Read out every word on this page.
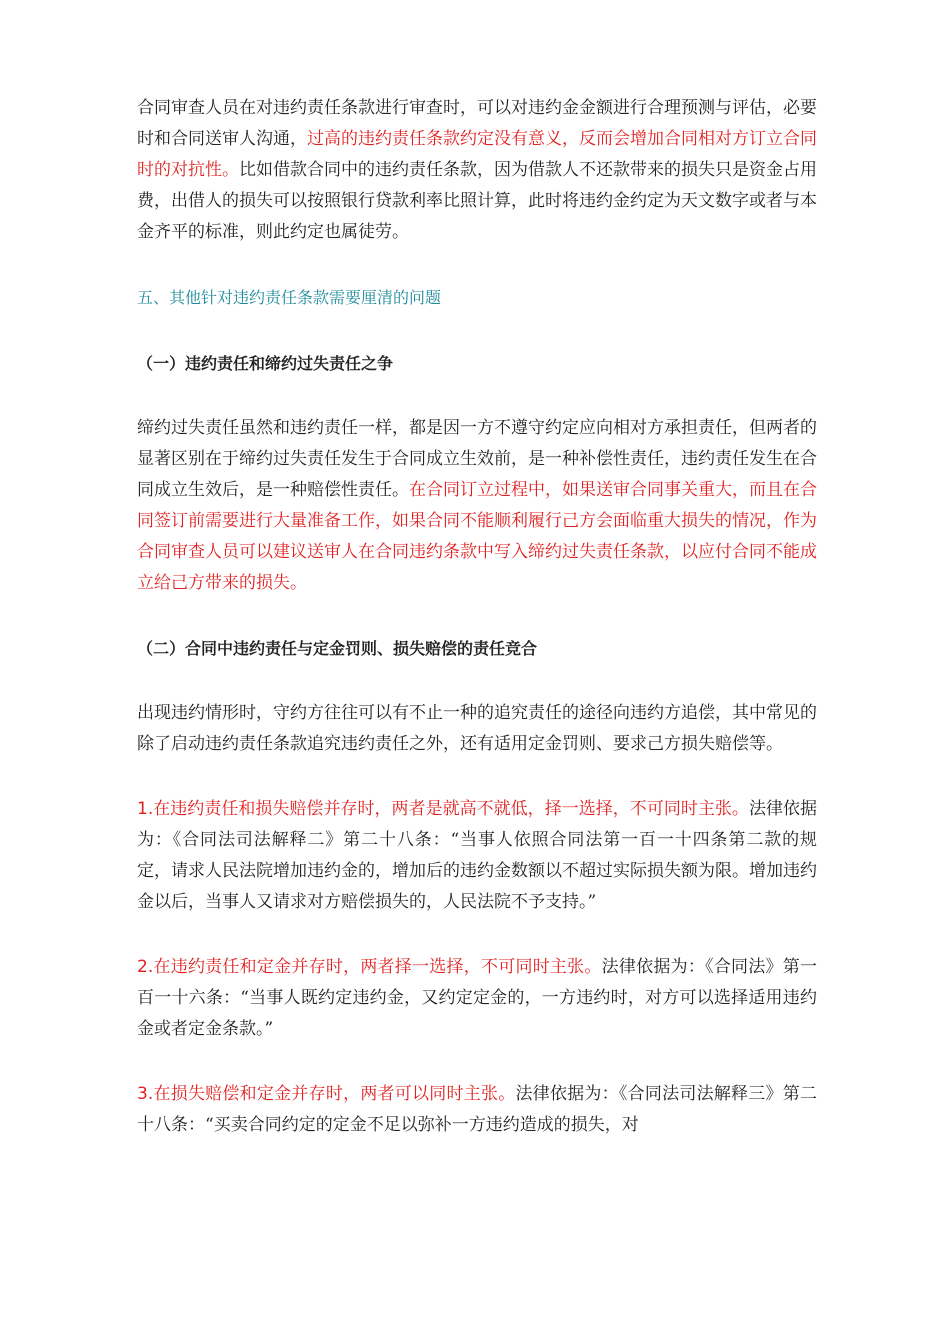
合同审查人员在对违约责任条款进行审查时，可以对违约金金额进行合理预测与评估，必要时和合同送审人沟通，过高的违约责任条款约定没有意义，反而会增加合同相对方订立合同时的对抗性。比如借款合同中的违约责任条款，因为借款人不还款带来的损失只是资金占用费，出借人的损失可以按照银行贷款利率比照计算，此时将违约金约定为天文数字或者与本金齐平的标准，则此约定也属徒劳。

五、其他针对违约责任条款需要厘清的问题

（一）违约责任和缔约过失责任之争

缔约过失责任虽然和违约责任一样，都是因一方不遵守约定应向相对方承担责任，但两者的显著区别在于缔约过失责任发生于合同成立生效前，是一种补偿性责任，违约责任发生在合同成立生效后，是一种赔偿性责任。在合同订立过程中，如果送审合同事关重大，而且在合同签订前需要进行大量准备工作，如果合同不能顺利履行己方会面临重大损失的情况，作为合同审查人员可以建议送审人在合同违约条款中写入缔约过失责任条款，以应付合同不能成立给己方带来的损失。

（二）合同中违约责任与定金罚则、损失赔偿的责任竞合

出现违约情形时，守约方往往可以有不止一种的追究责任的途径向违约方追偿，其中常见的除了启动违约责任条款追究违约责任之外，还有适用定金罚则、要求己方损失赔偿等。

1.在违约责任和损失赔偿并存时，两者是就高不就低，择一选择，不可同时主张。法律依据为：《合同法司法解释二》第二十八条：“当事人依照合同法第一百一十四条第二款的规定，请求人民法院增加违约金的，增加后的违约金数额以不超过实际损失额为限。增加违约金以后，当事人又请求对方赔偿损失的，人民法院不予支持。”

2.在违约责任和定金并存时，两者择一选择，不可同时主张。法律依据为：《合同法》第一百一十六条：“当事人既约定违约金，又约定定金的，一方违约时，对方可以选择适用违约金或者定金条款。”

3.在损失赔偿和定金并存时，两者可以同时主张。法律依据为：《合同法司法解释三》第二十八条：“买卖合同约定的定金不足以弥补一方违约造成的损失，对
